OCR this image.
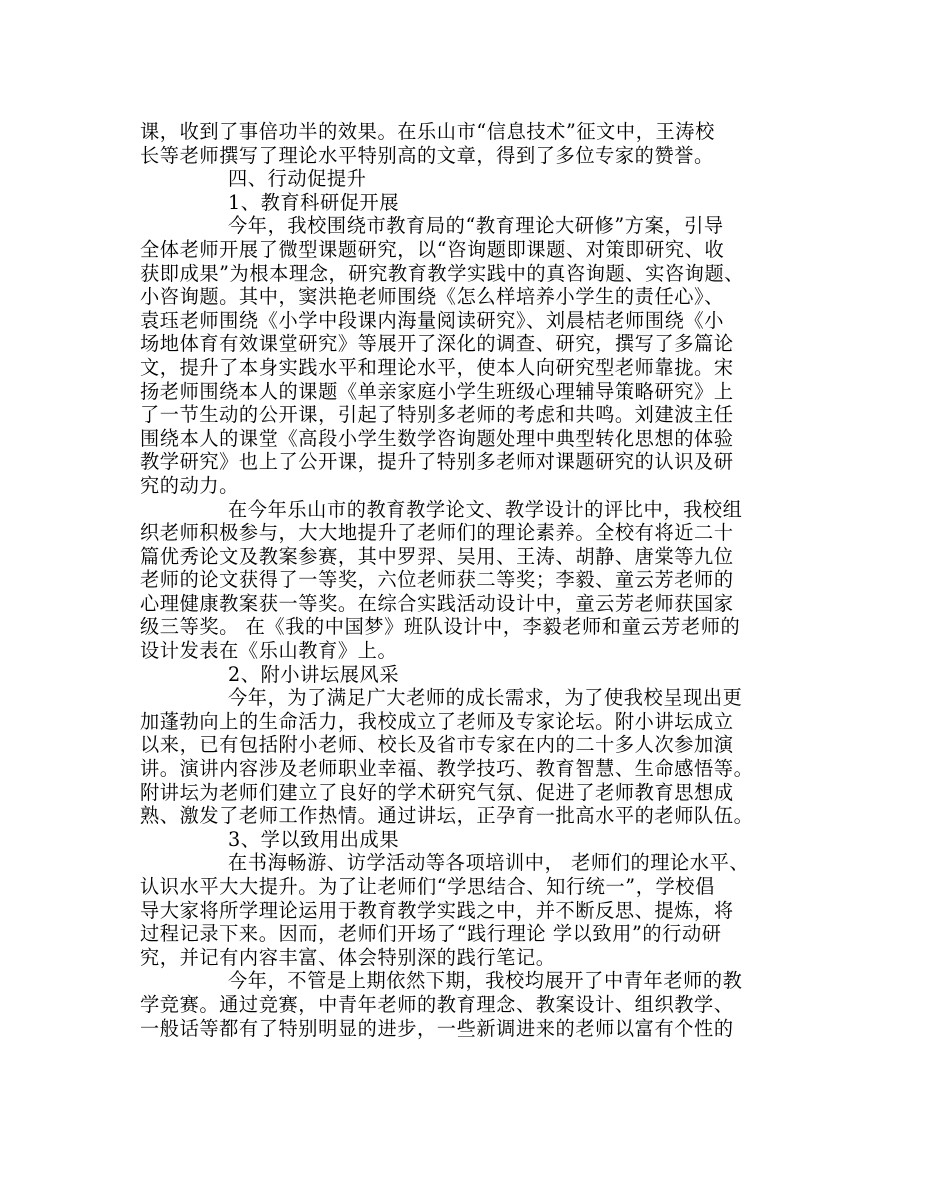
课，收到了事倍功半的效果。在乐山市“信息技术”征文中，王涛校
长等老师撰写了理论水平特别高的文章，得到了多位专家的赞誉。
四、行动促提升
1、教育科研促开展
今年，我校围绕市教育局的“教育理论大研修”方案，引导
全体老师开展了微型课题研究，以“咨询题即课题、对策即研究、收
获即成果”为根本理念，研究教育教学实践中的真咨询题、实咨询题、
小咨询题。其中，窦洪艳老师围绕《怎么样培养小学生的责任心》、
袁珏老师围绕《小学中段课内海量阅读研究》、刘晨桔老师围绕《小
场地体育有效课堂研究》等展开了深化的调查、研究，撰写了多篇论
文，提升了本身实践水平和理论水平，使本人向研究型老师靠拢。宋
扬老师围绕本人的课题《单亲家庭小学生班级心理辅导策略研究》上
了一节生动的公开课，引起了特别多老师的考虑和共鸣。刘建波主任
围绕本人的课堂《高段小学生数学咨询题处理中典型转化思想的体验
教学研究》也上了公开课，提升了特别多老师对课题研究的认识及研
究的动力。
在今年乐山市的教育教学论文、教学设计的评比中，我校组
织老师积极参与，大大地提升了老师们的理论素养。全校有将近二十
篇优秀论文及教案参赛，其中罗羿、吴用、王涛、胡静、唐棠等九位
老师的论文获得了一等奖，六位老师获二等奖；李毅、童云芳老师的
心理健康教案获一等奖。在综合实践活动设计中，童云芳老师获国家
级三等奖。 在《我的中国梦》班队设计中，李毅老师和童云芳老师的
设计发表在《乐山教育》上。
2、附小讲坛展风采
今年，为了满足广大老师的成长需求，为了使我校呈现出更
加蓬勃向上的生命活力，我校成立了老师及专家论坛。附小讲坛成立
以来，已有包括附小老师、校长及省市专家在内的二十多人次参加演
讲。演讲内容涉及老师职业幸福、教学技巧、教育智慧、生命感悟等。
附讲坛为老师们建立了良好的学术研究气氛、促进了老师教育思想成
熟、激发了老师工作热情。通过讲坛，正孕育一批高水平的老师队伍。
3、学以致用出成果
在书海畅游、访学活动等各项培训中， 老师们的理论水平、
认识水平大大提升。为了让老师们“学思结合、知行统一”，学校倡
导大家将所学理论运用于教育教学实践之中，并不断反思、提炼，将
过程记录下来。因而，老师们开场了“践行理论 学以致用”的行动研
究，并记有内容丰富、体会特别深的践行笔记。
今年，不管是上期依然下期，我校均展开了中青年老师的教
学竞赛。通过竞赛，中青年老师的教育理念、教案设计、组织教学、
一般话等都有了特别明显的进步，一些新调进来的老师以富有个性的
